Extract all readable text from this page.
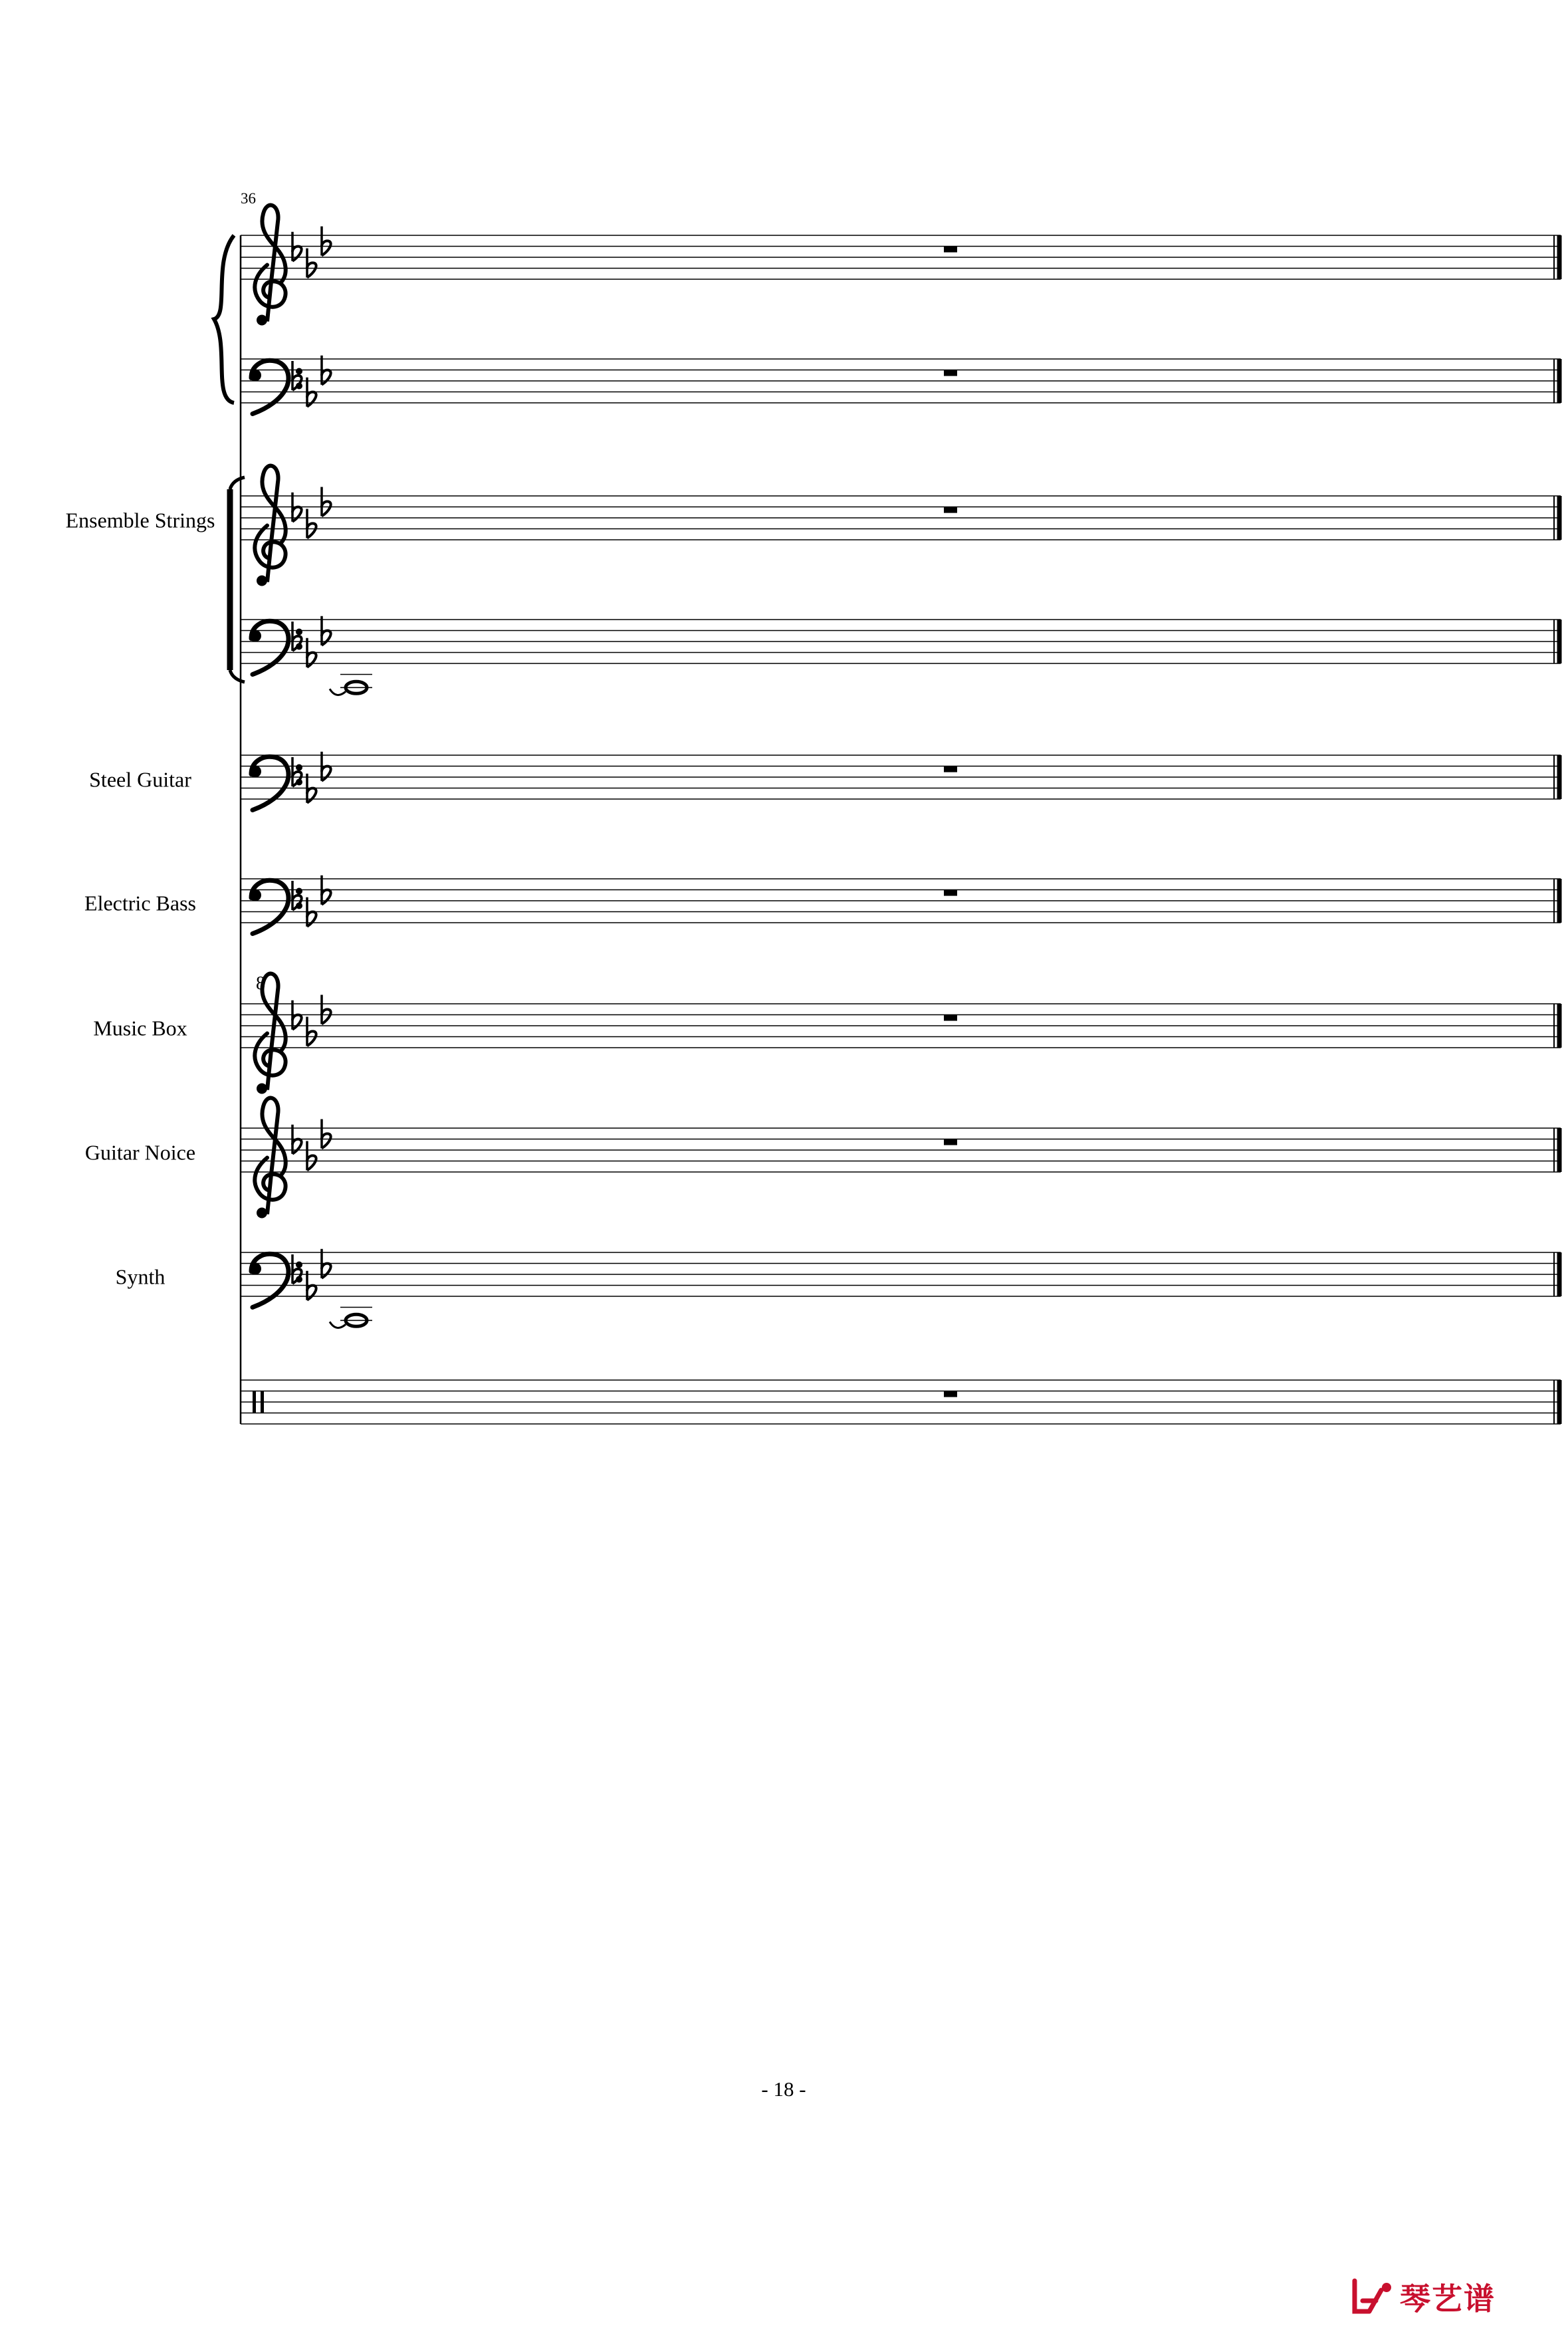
8
36
Ensemble Strings
Steel Guitar
Electric Bass
Music Box
Guitar Noice
Synth
- 18 -
琴艺谱
